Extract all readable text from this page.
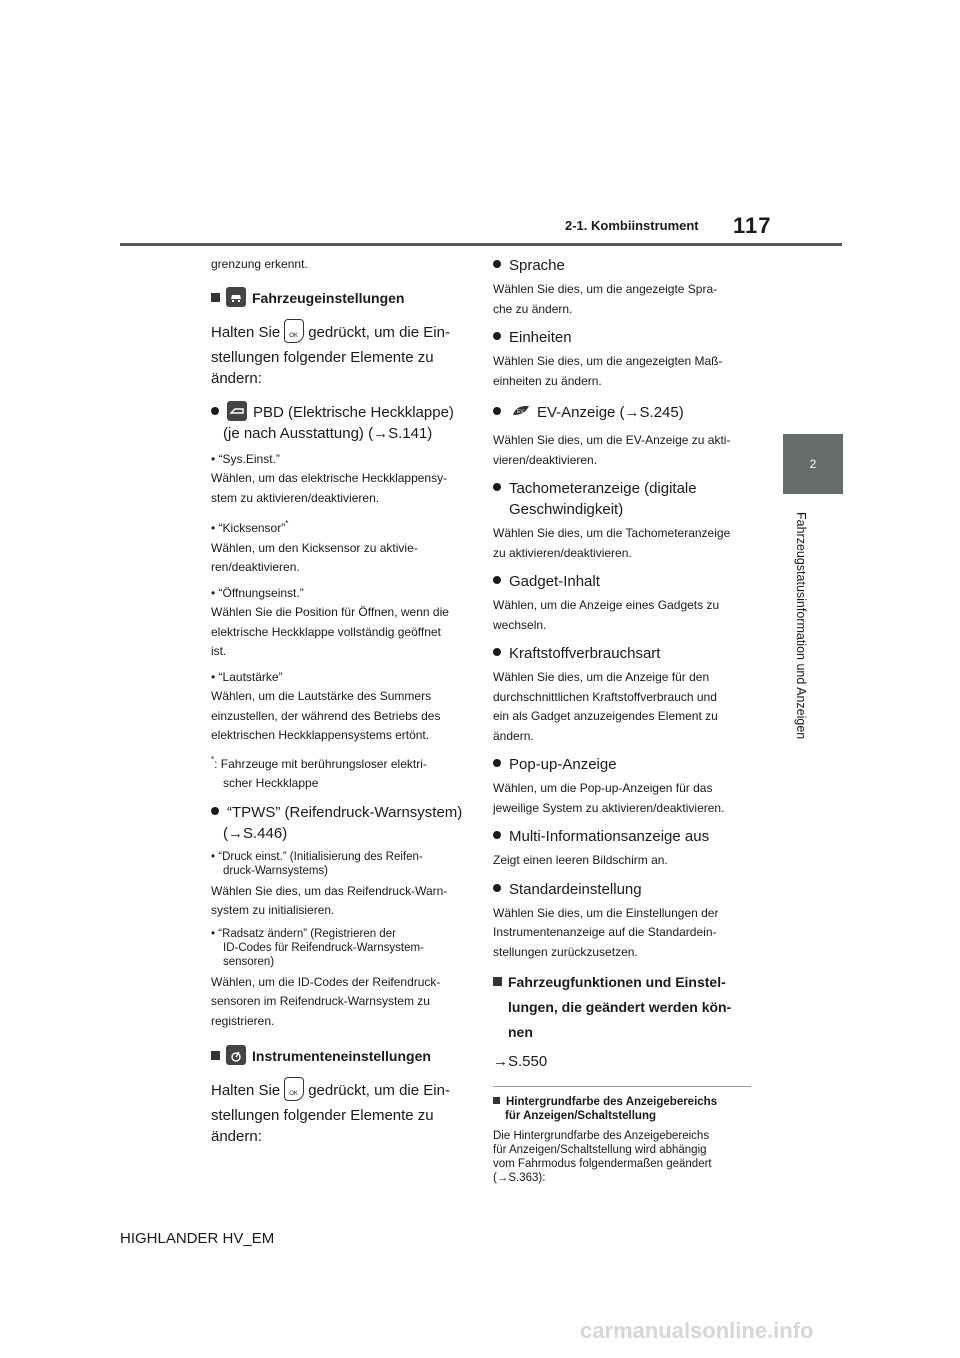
2-1. Kombiinstrument 117
2
Fahrzeugstatusinformation und Anzeigen

grenzung erkennt.

Fahrzeugeinstellungen

Halten Sie OK gedrückt, um die Ein-

stellungen folgender Elemente zu

ändern:

PBD (Elektrische Heckklappe)

(je nach Ausstattung) (→S.141)

• “Sys.Einst.”

Wählen, um das elektrische Heckklappensy-

stem zu aktivieren/deaktivieren.

• “Kicksensor”*

Wählen, um den Kicksensor zu aktivie-

ren/deaktivieren.

• “Öffnungseinst.”

Wählen Sie die Position für Öffnen, wenn die

elektrische Heckklappe vollständig geöffnet

ist.

• “Lautstärke”

Wählen, um die Lautstärke des Summers

einzustellen, der während des Betriebs des

elektrischen Heckklappensystems ertönt.

*: Fahrzeuge mit berührungsloser elektri-

scher Heckklappe

“TPWS” (Reifendruck-Warnsystem)

(→S.446)

• “Druck einst.” (Initialisierung des Reifen-

druck-Warnsystems)

Wählen Sie dies, um das Reifendruck-Warn-

system zu initialisieren.

• “Radsatz ändern” (Registrieren der

ID-Codes für Reifendruck-Warnsystem-

sensoren)

Wählen, um die ID-Codes der Reifendruck-

sensoren im Reifendruck-Warnsystem zu

registrieren.

Instrumenteneinstellungen

Halten Sie OK gedrückt, um die Ein-

stellungen folgender Elemente zu

ändern:

Sprache

Wählen Sie dies, um die angezeigte Spra-

che zu ändern.

Einheiten

Wählen Sie dies, um die angezeigten Maß-

einheiten zu ändern.

EV EV-Anzeige (→S.245)

Wählen Sie dies, um die EV-Anzeige zu akti-

vieren/deaktivieren.

Tachometeranzeige (digitale

Geschwindigkeit)

Wählen Sie dies, um die Tachometeranzeige

zu aktivieren/deaktivieren.

Gadget-Inhalt

Wählen, um die Anzeige eines Gadgets zu

wechseln.

Kraftstoffverbrauchsart

Wählen Sie dies, um die Anzeige für den

durchschnittlichen Kraftstoffverbrauch und

ein als Gadget anzuzeigendes Element zu

ändern.

Pop-up-Anzeige

Wählen, um die Pop-up-Anzeigen für das

jeweilige System zu aktivieren/deaktivieren.

Multi-Informationsanzeige aus

Zeigt einen leeren Bildschirm an.

Standardeinstellung

Wählen Sie dies, um die Einstellungen der

Instrumentenanzeige auf die Standardein-

stellungen zurückzusetzen.

Fahrzeugfunktionen und Einstel-

lungen, die geändert werden kön-

nen

→S.550

Hintergrundfarbe des Anzeigebereichs

für Anzeigen/Schaltstellung

Die Hintergrundfarbe des Anzeigebereichs

für Anzeigen/Schaltstellung wird abhängig

vom Fahrmodus folgendermaßen geändert

(→S.363):

HIGHLANDER HV_EM
carmanualsonline.info
